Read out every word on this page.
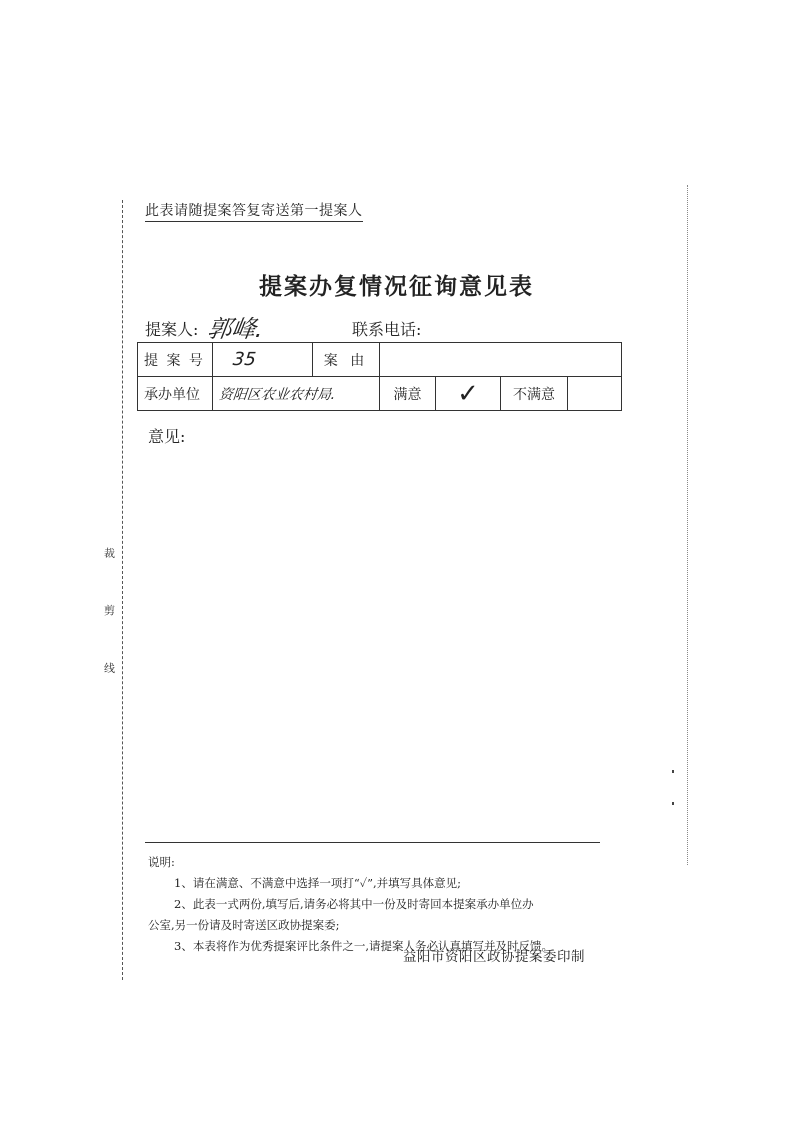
裁
剪
线
此表请随提案答复寄送第一提案人
提案办复情况征询意见表
提案人: 郭峰.	联系电话:
提 案 号	35	案 由				
承办单位	资阳区农业农村局.		满意	✓	不满意	
意见:

说明:

1、请在满意、不满意中选择一项打“✓”,并填写具体意见;

2、此表一式两份,填写后,请务必将其中一份及时寄回本提案承办单位办

公室,另一份请及时寄送区政协提案委;

3、本表将作为优秀提案评比条件之一,请提案人务必认真填写并及时反馈。

益阳市资阳区政协提案委印制
